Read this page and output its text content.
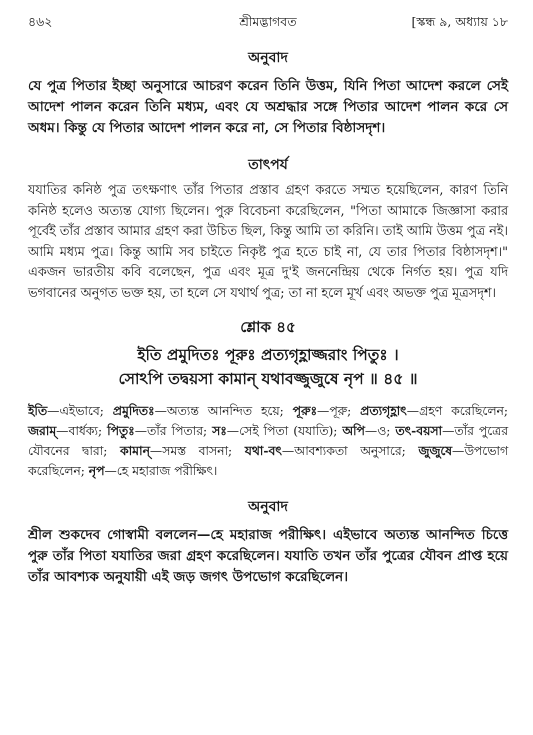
৪৬২	শ্রীমদ্ভাগবত	[স্কন্ধ ৯, অধ্যায় ১৮

অনুবাদ

যে পুত্র পিতার ইচ্ছা অনুসারে আচরণ করেন তিনি উত্তম, যিনি পিতা আদেশ করলে সেই আদেশ পালন করেন তিনি মধ্যম, এবং যে অশ্রদ্ধার সঙ্গে পিতার আদেশ পালন করে সে অধম। কিন্তু যে পিতার আদেশ পালন করে না, সে পিতার বিষ্ঠাসদৃশ।

তাৎপর্য

যযাতির কনিষ্ঠ পুত্র তৎক্ষণাৎ তাঁর পিতার প্রস্তাব গ্রহণ করতে সম্মত হয়েছিলেন, কারণ তিনি কনিষ্ঠ হলেও অত্যন্ত যোগ্য ছিলেন। পুরু বিবেচনা করেছিলেন, "পিতা আমাকে জিজ্ঞাসা করার পূর্বেই তাঁর প্রস্তাব আমার গ্রহণ করা উচিত ছিল, কিন্তু আমি তা করিনি। তাই আমি উত্তম পুত্র নই। আমি মধ্যম পুত্র। কিন্তু আমি সব চাইতে নিকৃষ্ট পুত্র হতে চাই না, যে তার পিতার বিষ্ঠাসদৃশ।" একজন ভারতীয় কবি বলেছেন, পুত্র এবং মূত্র দু'ই জননেন্দ্রিয় থেকে নির্গত হয়। পুত্র যদি ভগবানের অনুগত ভক্ত হয়, তা হলে সে যথার্থ পুত্র; তা না হলে মূর্খ এবং অভক্ত পুত্র মূত্রসদৃশ।

শ্লোক ৪৫

ইতি প্রমুদিতঃ পূরুঃ প্রত্যগৃহ্ণাজ্জরাং পিতুঃ ।

সোঽপি তদ্বয়সা কামান্ যথাবজ্জুজুষে নৃপ ॥ ৪৫ ॥

ইতি—এইভাবে; প্রমুদিতঃ—অত্যন্ত আনন্দিত হয়ে; পূরুঃ—পূরু; প্রত্যগৃহ্ণাৎ—গ্রহণ করেছিলেন; জরাম্—বার্ধক্য; পিতুঃ—তাঁর পিতার; সঃ—সেই পিতা (যযাতি); অপি—ও; তৎ-বয়সা—তাঁর পুত্রের যৌবনের দ্বারা; কামান্—সমস্ত বাসনা; যথা-বৎ—আবশ্যকতা অনুসারে; জুজুষে—উপভোগ করেছিলেন; নৃপ—হে মহারাজ পরীক্ষিৎ।

অনুবাদ

শ্রীল শুকদেব গোস্বামী বললেন—হে মহারাজ পরীক্ষিৎ। এইভাবে অত্যন্ত আনন্দিত চিত্তে পুরু তাঁর পিতা যযাতির জরা গ্রহণ করেছিলেন। যযাতি তখন তাঁর পুত্রের যৌবন প্রাপ্ত হয়ে তাঁর আবশ্যক অনুযায়ী এই জড় জগৎ উপভোগ করেছিলেন।
